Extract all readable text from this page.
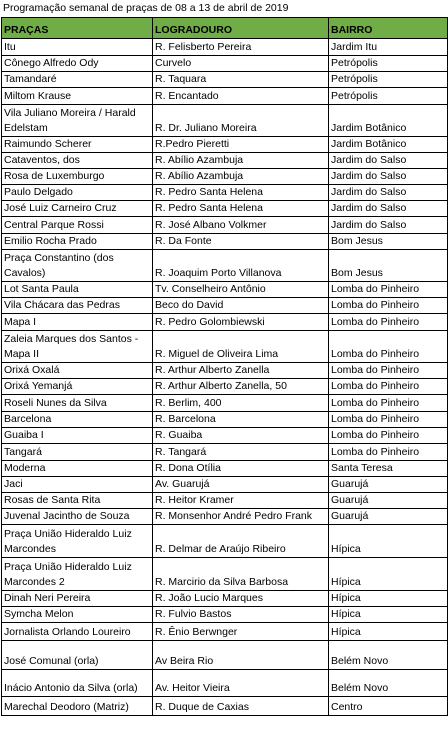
Programação semanal de praças de 08 a 13 de abril de 2019
PRAÇAS	LOGRADOURO	BAIRRO
Itu	R. Felisberto Pereira	Jardim Itu
Cônego Alfredo Ody	Curvelo	Petrópolis
Tamandaré	R. Taquara	Petrópolis
Miltom Krause	R. Encantado	Petrópolis
Vila Juliano Moreira / Harald Edelstam	R. Dr. Juliano Moreira	Jardim Botânico
Raimundo Scherer	R.Pedro Pieretti	Jardim Botânico
Cataventos, dos	R. Abílio Azambuja	Jardim do Salso
Rosa de Luxemburgo	R. Abílio Azambuja	Jardim do Salso
Paulo Delgado	R. Pedro Santa Helena	Jardim do Salso
José Luiz Carneiro Cruz	R. Pedro Santa Helena	Jardim do Salso
Central Parque Rossi	R. José Albano Volkmer	Jardim do Salso
Emilio Rocha Prado	R. Da Fonte	Bom Jesus
Praça Constantino (dos Cavalos)	R. Joaquim Porto Villanova	Bom Jesus
Lot Santa Paula	Tv. Conselheiro Antônio	Lomba do Pinheiro
Vila Chácara das Pedras	Beco do David	Lomba do Pinheiro
Mapa I	R. Pedro Golombiewski	Lomba do Pinheiro
Zaleia Marques dos Santos - Mapa II	R. Miguel de Oliveira Lima	Lomba do Pinheiro
Orixá Oxalá	R. Arthur Alberto Zanella	Lomba do Pinheiro
Orixá Yemanjá	R. Arthur Alberto Zanella, 50	Lomba do Pinheiro
Roseli Nunes da Silva	R. Berlim, 400	Lomba do Pinheiro
Barcelona	R. Barcelona	Lomba do Pinheiro
Guaiba I	R. Guaiba	Lomba do Pinheiro
Tangará	R. Tangará	Lomba do Pinheiro
Moderna	R. Dona Otília	Santa Teresa
Jaci	Av. Guarujá	Guarujá
Rosas de Santa Rita	R. Heitor Kramer	Guarujá
Juvenal Jacintho de Souza	R. Monsenhor André Pedro Frank	Guarujá
Praça União Hideraldo Luiz Marcondes	R. Delmar de Araújo Ribeiro	Hípica
Praça União Hideraldo Luiz Marcondes 2	R. Marcirio da Silva Barbosa	Hípica
Dinah Neri Pereira	R. João Lucio Marques	Hípica
Symcha Melon	R. Fulvio Bastos	Hípica
Jornalista Orlando Loureiro	R. Ênio Berwnger	Hípica
José Comunal (orla)	Av Beira Rio	Belém Novo
Inácio Antonio da Silva (orla)	Av. Heitor Vieira	Belém Novo
Marechal Deodoro (Matriz)	R. Duque de Caxias	Centro
